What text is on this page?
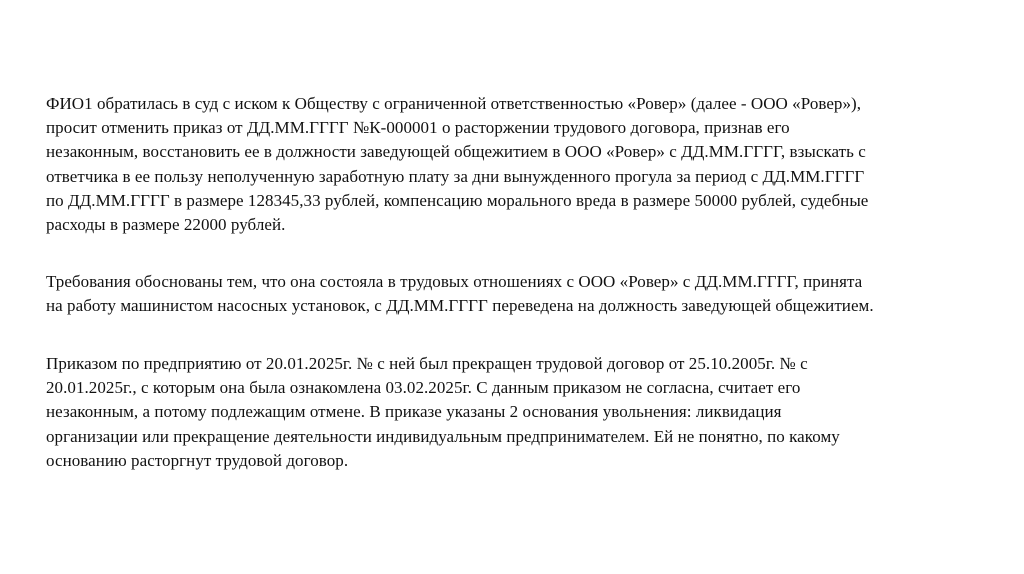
ФИО1 обратилась в суд с иском к Обществу с ограниченной ответственностью «Ровер» (далее - ООО «Ровер»),
просит отменить приказ от ДД.ММ.ГГГГ №К-000001 о расторжении трудового договора, признав его
незаконным, восстановить ее в должности заведующей общежитием в ООО «Ровер» с ДД.ММ.ГГГГ, взыскать с
ответчика в ее пользу неполученную заработную плату за дни вынужденного прогула за период с ДД.ММ.ГГГГ
по ДД.ММ.ГГГГ в размере 128345,33 рублей, компенсацию морального вреда в размере 50000 рублей, судебные
расходы в размере 22000 рублей.
Требования обоснованы тем, что она состояла в трудовых отношениях с ООО «Ровер» с ДД.ММ.ГГГГ, принята
на работу машинистом насосных установок, с ДД.ММ.ГГГГ переведена на должность заведующей общежитием.
Приказом по предприятию от 20.01.2025г. № с ней был прекращен трудовой договор от 25.10.2005г. № с
20.01.2025г., с которым она была ознакомлена 03.02.2025г. С данным приказом не согласна, считает его
незаконным, а потому подлежащим отмене. В приказе указаны 2 основания увольнения: ликвидация
организации или прекращение деятельности индивидуальным предпринимателем. Ей не понятно, по какому
основанию расторгнут трудовой договор.
